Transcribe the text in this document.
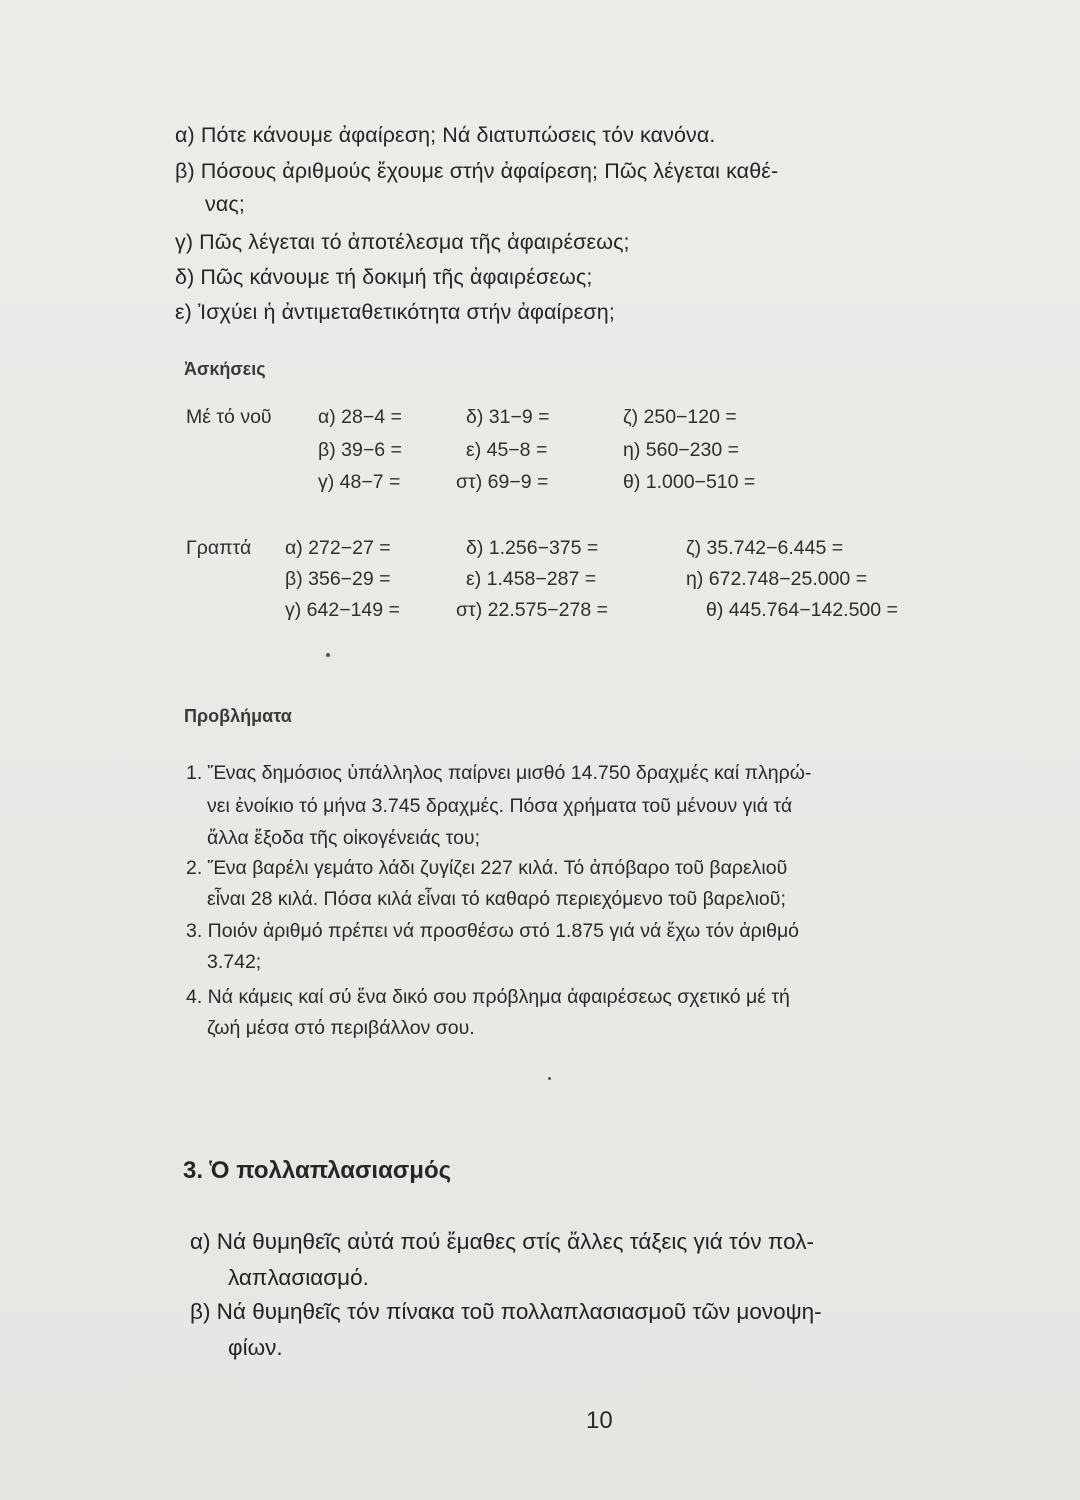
α) Πότε κάνουμε ἀφαίρεση; Νά διατυπώσεις τόν κανόνα.
β) Πόσους ἀριθμούς ἔχουμε στήν ἀφαίρεση; Πῶς λέγεται καθέ-
νας;
γ) Πῶς λέγεται τό ἀποτέλεσμα τῆς ἀφαιρέσεως;
δ) Πῶς κάνουμε τή δοκιμή τῆς ἀφαιρέσεως;
ε) Ἰσχύει ἡ ἀντιμεταθετικότητα στήν ἀφαίρεση;
Ἀσκήσεις
Μέ τό νοῦ α) 28−4 =
β) 39−6 =
γ) 48−7 =
δ) 31−9 =
ε) 45−8 =
στ) 69−9 =
ζ) 250−120 =
η) 560−230 =
θ) 1.000−510 =
Γραπτά α) 272−27 =
β) 356−29 =
γ) 642−149 =
δ) 1.256−375 =
ε) 1.458−287 =
στ) 22.575−278 =
ζ) 35.742−6.445 =
η) 672.748−25.000 =
θ) 445.764−142.500 =
Προβλήματα
1. Ἕνας δημόσιος ὑπάλληλος παίρνει μισθό 14.750 δραχμές καί πληρώ-
νει ἐνοίκιο τό μήνα 3.745 δραχμές. Πόσα χρήματα τοῦ μένουν γιά τά
ἄλλα ἔξοδα τῆς οἰκογένειάς του;
2. Ἕνα βαρέλι γεμάτο λάδι ζυγίζει 227 κιλά. Τό ἀπόβαρο τοῦ βαρελιοῦ
εἶναι 28 κιλά. Πόσα κιλά εἶναι τό καθαρό περιεχόμενο τοῦ βαρελιοῦ;
3. Ποιόν ἀριθμό πρέπει νά προσθέσω στό 1.875 γιά νά ἔχω τόν ἀριθμό
3.742;
4. Νά κάμεις καί σύ ἕνα δικό σου πρόβλημα ἀφαιρέσεως σχετικό μέ τή
ζωή μέσα στό περιβάλλον σου.
3. Ὁ πολλαπλασιασμός
α) Νά θυμηθεῖς αὐτά πού ἔμαθες στίς ἄλλες τάξεις γιά τόν πολ-
λαπλασιασμό.
β) Νά θυμηθεῖς τόν πίνακα τοῦ πολλαπλασιασμοῦ τῶν μονοψη-
φίων.
10
